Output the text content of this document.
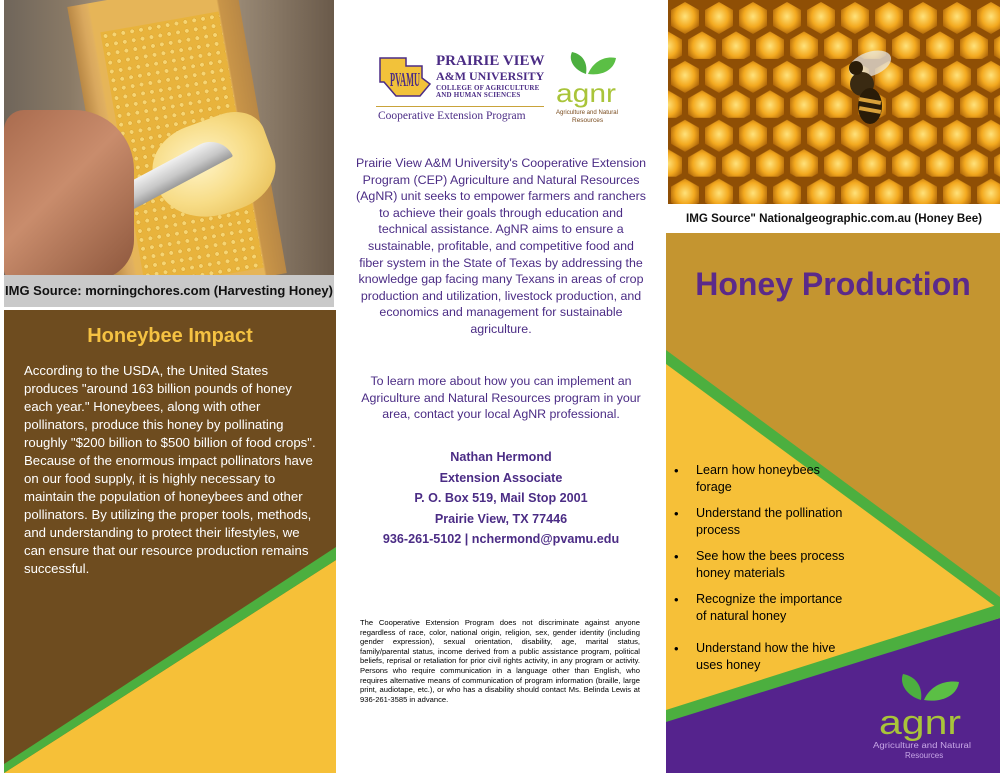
IMG Source: morningchores.com (Harvesting Honey)
Honeybee Impact

According to the USDA, the United States produces "around 163 billion pounds of honey each year." Honeybees, along with other pollinators, produce this honey by pollinating roughly "$200 billion to $500 billion of food crops". Because of the enormous impact pollinators have on our food supply, it is highly necessary to maintain the population of honeybees and other pollinators. By utilizing the proper tools, methods, and understanding to protect their lifestyles, we can ensure that our resource production remains successful.

PVAMU
PRAIRIE VIEW
A&M UNIVERSITY
COLLEGE OF AGRICULTURE
AND HUMAN SCIENCES
Cooperative Extension Program
agnr
Agriculture and Natural
Resources

Prairie View A&M University's Cooperative Extension Program (CEP) Agriculture and Natural Resources (AgNR) unit seeks to empower farmers and ranchers to achieve their goals through education and technical assistance. AgNR aims to ensure a sustainable, profitable, and competitive food and fiber system in the State of Texas by addressing the knowledge gap facing many Texans in areas of crop production and utilization, livestock production, and economics and management for sustainable agriculture.

To learn more about how you can implement an Agriculture and Natural Resources program in your area, contact your local AgNR professional.

Nathan Hermond
Extension Associate
P. O. Box 519, Mail Stop 2001
Prairie View, TX 77446
936-261-5102 | nchermond@pvamu.edu

The Cooperative Extension Program does not discriminate against anyone regardless of race, color, national origin, religion, sex, gender identity (including gender expression), sexual orientation, disability, age, marital status, family/parental status, income derived from a public assistance program, political beliefs, reprisal or retaliation for prior civil rights activity, in any program or activity. Persons who require communication in a language other than English, who requires alternative means of communication of program information (braille, large print, audiotape, etc.), or who has a disability should contact Ms. Belinda Lewis at 936-261-3585 in advance.

IMG Source" Nationalgeographic.com.au (Honey Bee)
Honey Production
• Learn how honeybees forage
• Understand the pollination process
• See how the bees process honey materials
• Recognize the importance of natural honey
• Understand how the hive uses honey
agnr
Agriculture and Natural
Resources
